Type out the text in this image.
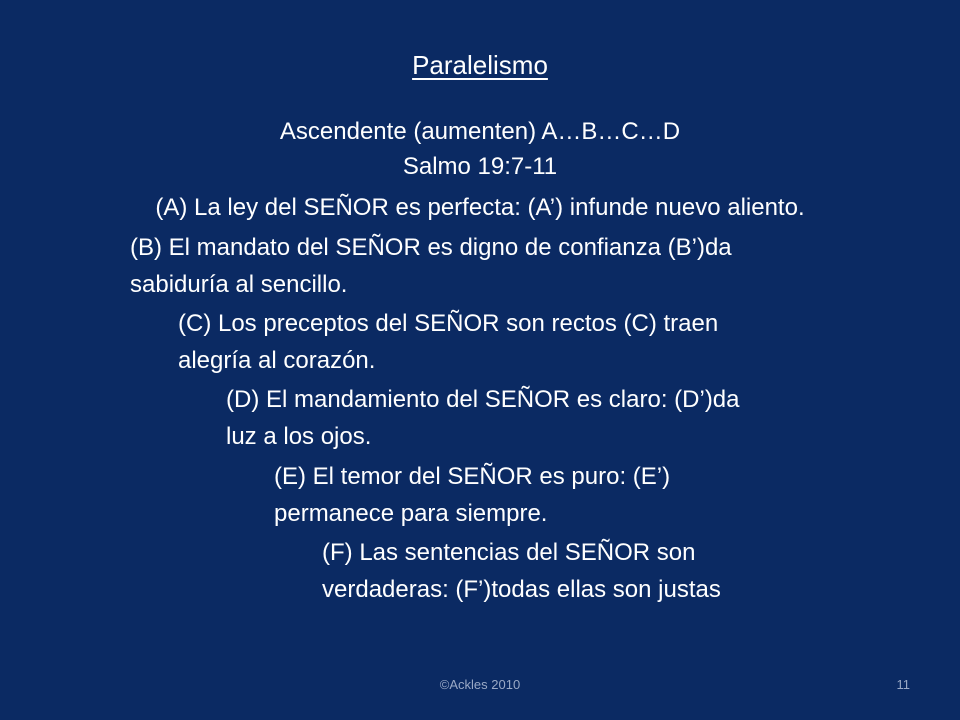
Paralelismo
Ascendente (aumenten) A…B…C…D
Salmo 19:7-11
(A) La ley del SEÑOR es perfecta: (A’) infunde nuevo aliento.
(B) El mandato del SEÑOR es digno de confianza (B’)da
sabiduría al sencillo.
(C) Los preceptos del SEÑOR son rectos (C) traen
alegría al corazón.
(D) El mandamiento del SEÑOR es claro: (D’)da
luz a los ojos.
(E) El temor del SEÑOR es puro: (E’)
permanece para siempre.
(F) Las sentencias del SEÑOR son
verdaderas: (F’)todas ellas son justas
©Ackles 2010	11
